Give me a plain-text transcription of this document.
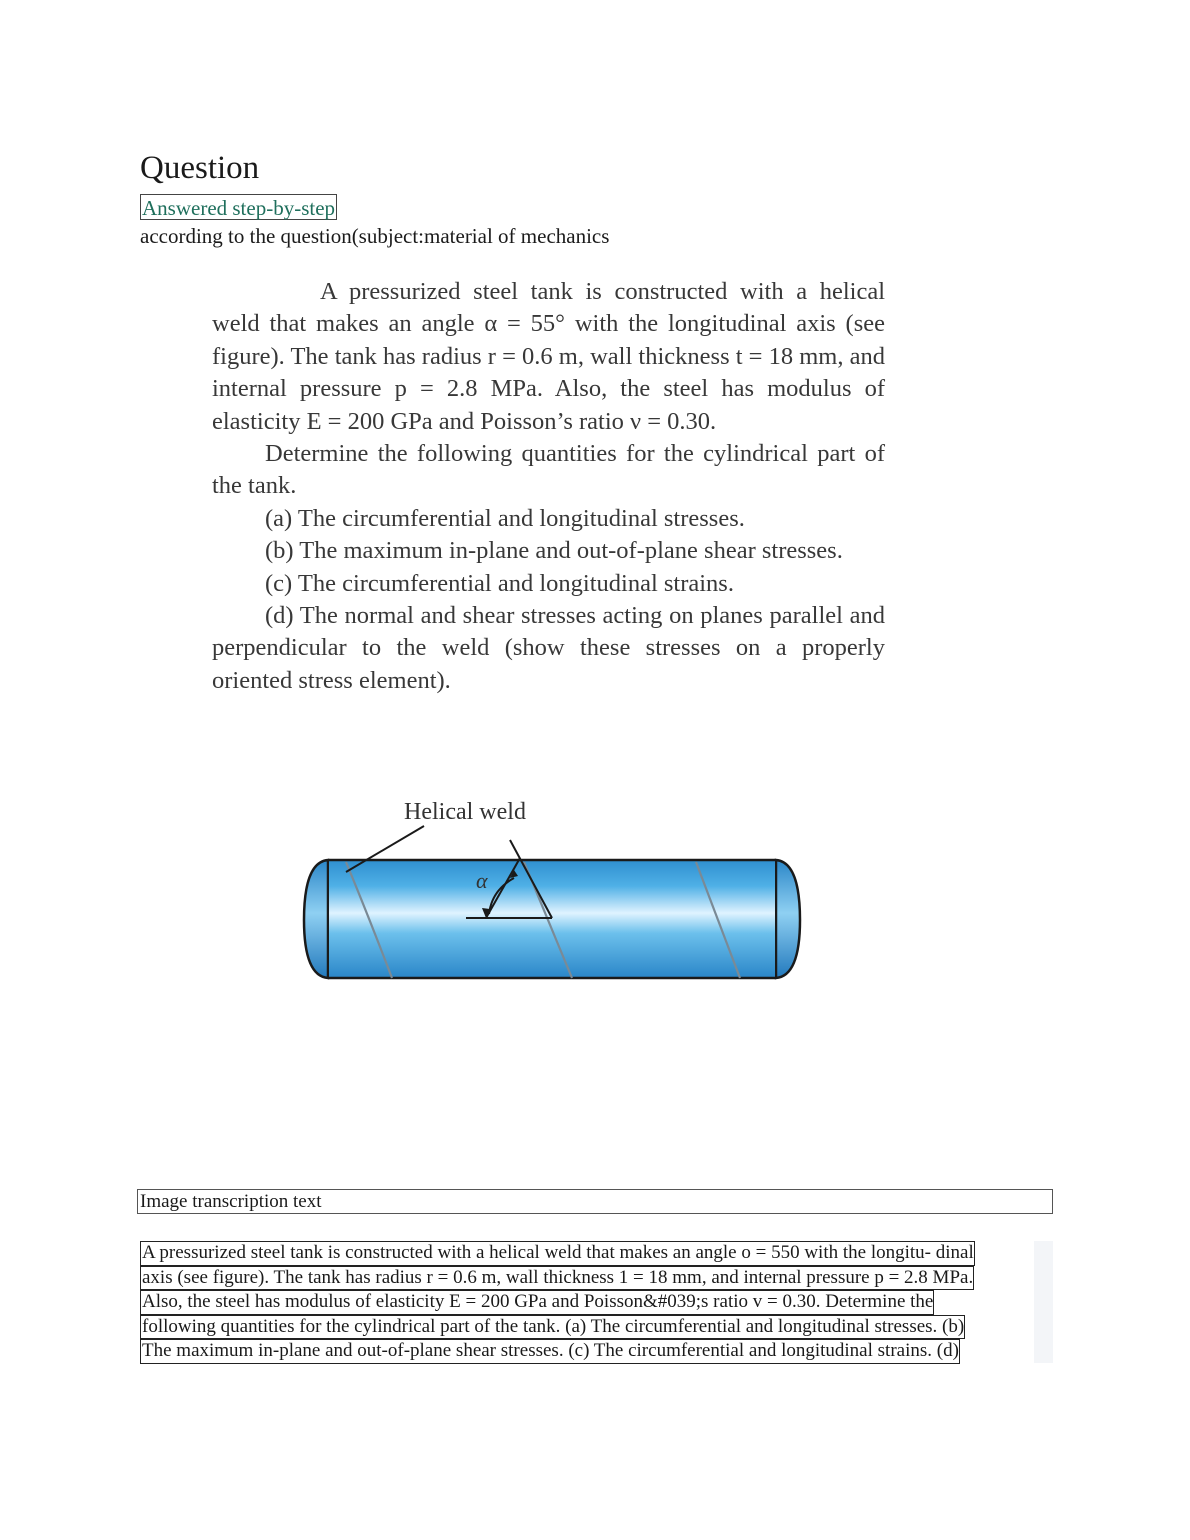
Question
Answered step-by-step
according to the question(subject:material of mechanics

A pressurized steel tank is constructed with a helical weld that makes an angle α = 55° with the longitudinal axis (see figure). The tank has radius r = 0.6 m, wall thickness t = 18 mm, and internal pressure p = 2.8 MPa. Also, the steel has modulus of elasticity E = 200 GPa and Poisson’s ratio ν = 0.30.

Determine the following quantities for the cylindrical part of the tank.

(a) The circumferential and longitudinal stresses.

(b) The maximum in-plane and out-of-plane shear stresses.

(c) The circumferential and longitudinal strains.

(d) The normal and shear stresses acting on planes parallel and perpendicular to the weld (show these stresses on a properly oriented stress element).

α
Helical weld
Image transcription text
A pressurized steel tank is constructed with a helical weld that makes an angle o = 550 with the longitu- dinal
axis (see figure). The tank has radius r = 0.6 m, wall thickness 1 = 18 mm, and internal pressure p = 2.8 MPa.
Also, the steel has modulus of elasticity E = 200 GPa and Poisson&#039;s ratio v = 0.30. Determine the
following quantities for the cylindrical part of the tank. (a) The circumferential and longitudinal stresses. (b)
The maximum in-plane and out-of-plane shear stresses. (c) The circumferential and longitudinal strains. (d)
